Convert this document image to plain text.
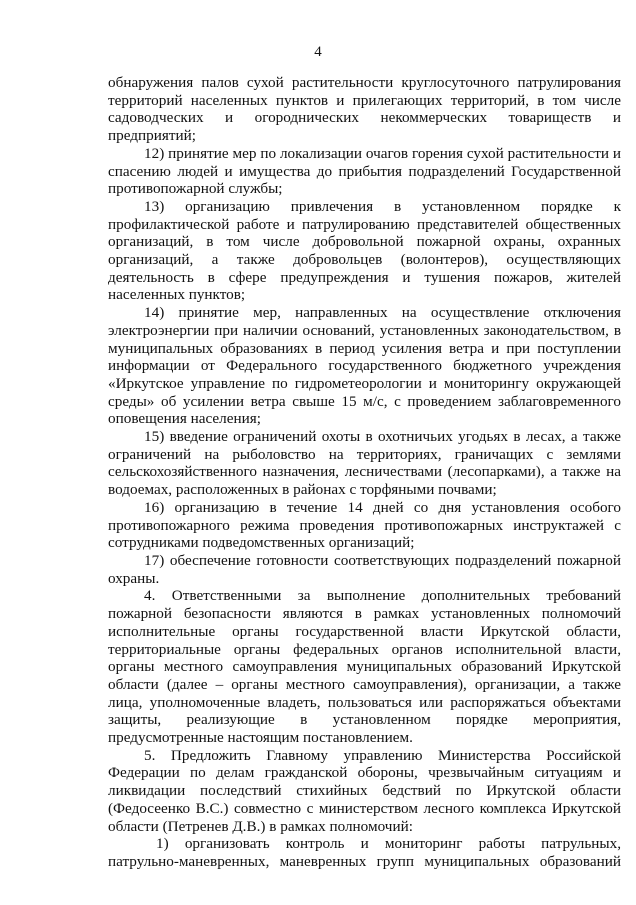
4

обнаружения палов сухой растительности круглосуточного патрулирования территорий населенных пунктов и прилегающих территорий, в том числе садоводческих и огороднических некоммерческих товариществ и предприятий;

12) принятие мер по локализации очагов горения сухой растительности и спасению людей и имущества до прибытия подразделений Государственной противопожарной службы;

13) организацию привлечения в установленном порядке к профилактической работе и патрулированию представителей общественных организаций, в том числе добровольной пожарной охраны, охранных организаций, а также добровольцев (волонтеров), осуществляющих деятельность в сфере предупреждения и тушения пожаров, жителей населенных пунктов;

14) принятие мер, направленных на осуществление отключения электроэнергии при наличии оснований, установленных законодательством, в муниципальных образованиях в период усиления ветра и при поступлении информации от Федерального государственного бюджетного учреждения «Иркутское управление по гидрометеорологии и мониторингу окружающей среды» об усилении ветра свыше 15 м/с, с проведением заблаговременного оповещения населения;

15) введение ограничений охоты в охотничьих угодьях в лесах, а также ограничений на рыболовство на территориях, граничащих с землями сельскохозяйственного назначения, лесничествами (лесопарками), а также на водоемах, расположенных в районах с торфяными почвами;

16) организацию в течение 14 дней со дня установления особого противопожарного режима проведения противопожарных инструктажей с сотрудниками подведомственных организаций;

17) обеспечение готовности соответствующих подразделений пожарной охраны.

4. Ответственными за выполнение дополнительных требований пожарной безопасности являются в рамках установленных полномочий исполнительные органы государственной власти Иркутской области, территориальные органы федеральных органов исполнительной власти, органы местного самоуправления муниципальных образований Иркутской области (далее – органы местного самоуправления), организации, а также лица, уполномоченные владеть, пользоваться или распоряжаться объектами защиты, реализующие в установленном порядке мероприятия, предусмотренные настоящим постановлением.

5. Предложить Главному управлению Министерства Российской Федерации по делам гражданской обороны, чрезвычайным ситуациям и ликвидации последствий стихийных бедствий по Иркутской области (Федосеенко В.С.) совместно с министерством лесного комплекса Иркутской области (Петренев Д.В.) в рамках полномочий:

1) организовать контроль и мониторинг работы патрульных, патрульно-маневренных, маневренных групп муниципальных образований
